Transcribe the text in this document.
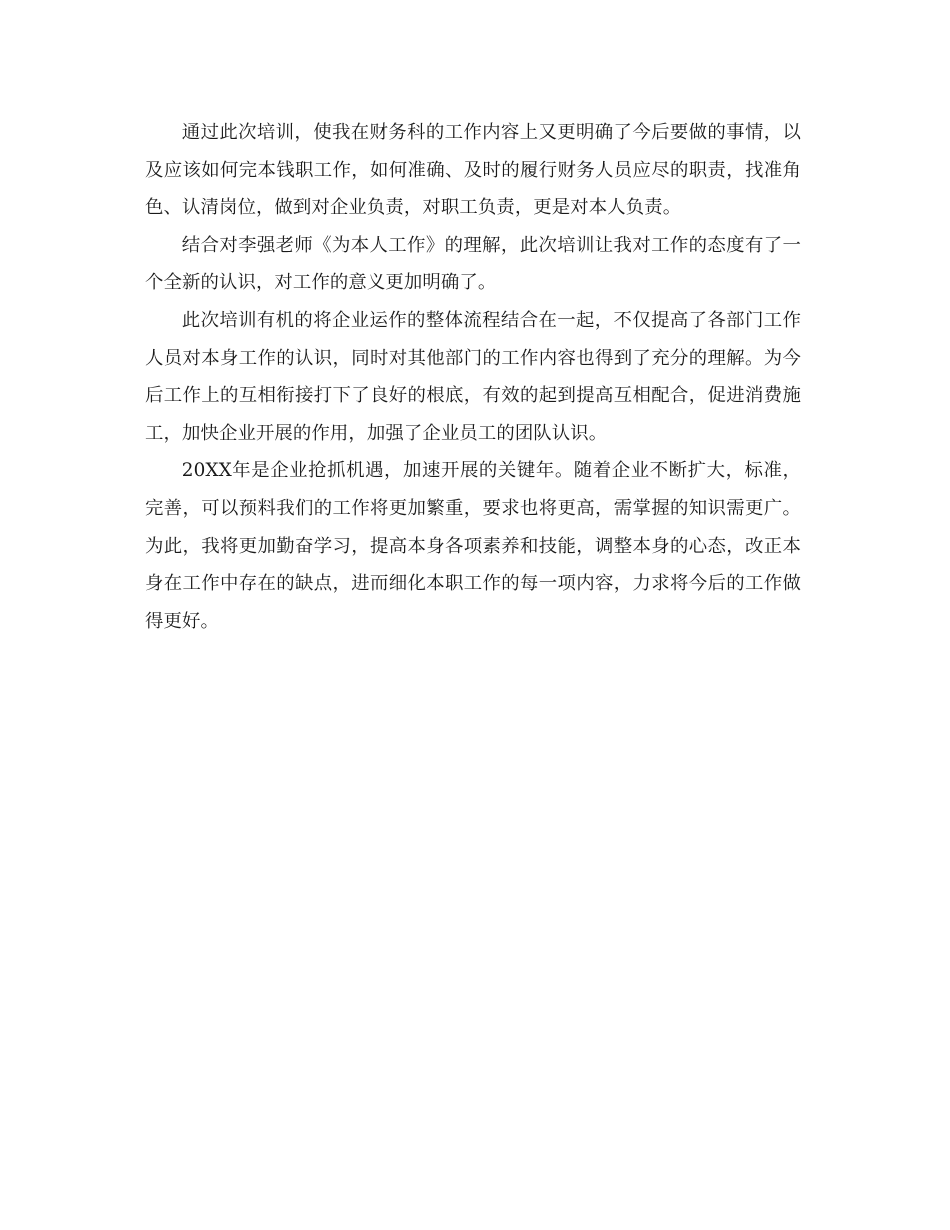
通过此次培训，使我在财务科的工作内容上又更明确了今后要做的事情，以及应该如何完本钱职工作，如何准确、及时的履行财务人员应尽的职责，找准角色、认清岗位，做到对企业负责，对职工负责，更是对本人负责。

结合对李强老师《为本人工作》的理解，此次培训让我对工作的态度有了一个全新的认识，对工作的意义更加明确了。

此次培训有机的将企业运作的整体流程结合在一起，不仅提高了各部门工作人员对本身工作的认识，同时对其他部门的工作内容也得到了充分的理解。为今后工作上的互相衔接打下了良好的根底，有效的起到提高互相配合，促进消费施工，加快企业开展的作用，加强了企业员工的团队认识。

20XX年是企业抢抓机遇，加速开展的关键年。随着企业不断扩大，标准，完善，可以预料我们的工作将更加繁重，要求也将更高，需掌握的知识需更广。为此，我将更加勤奋学习，提高本身各项素养和技能，调整本身的心态，改正本身在工作中存在的缺点，进而细化本职工作的每一项内容，力求将今后的工作做得更好。
